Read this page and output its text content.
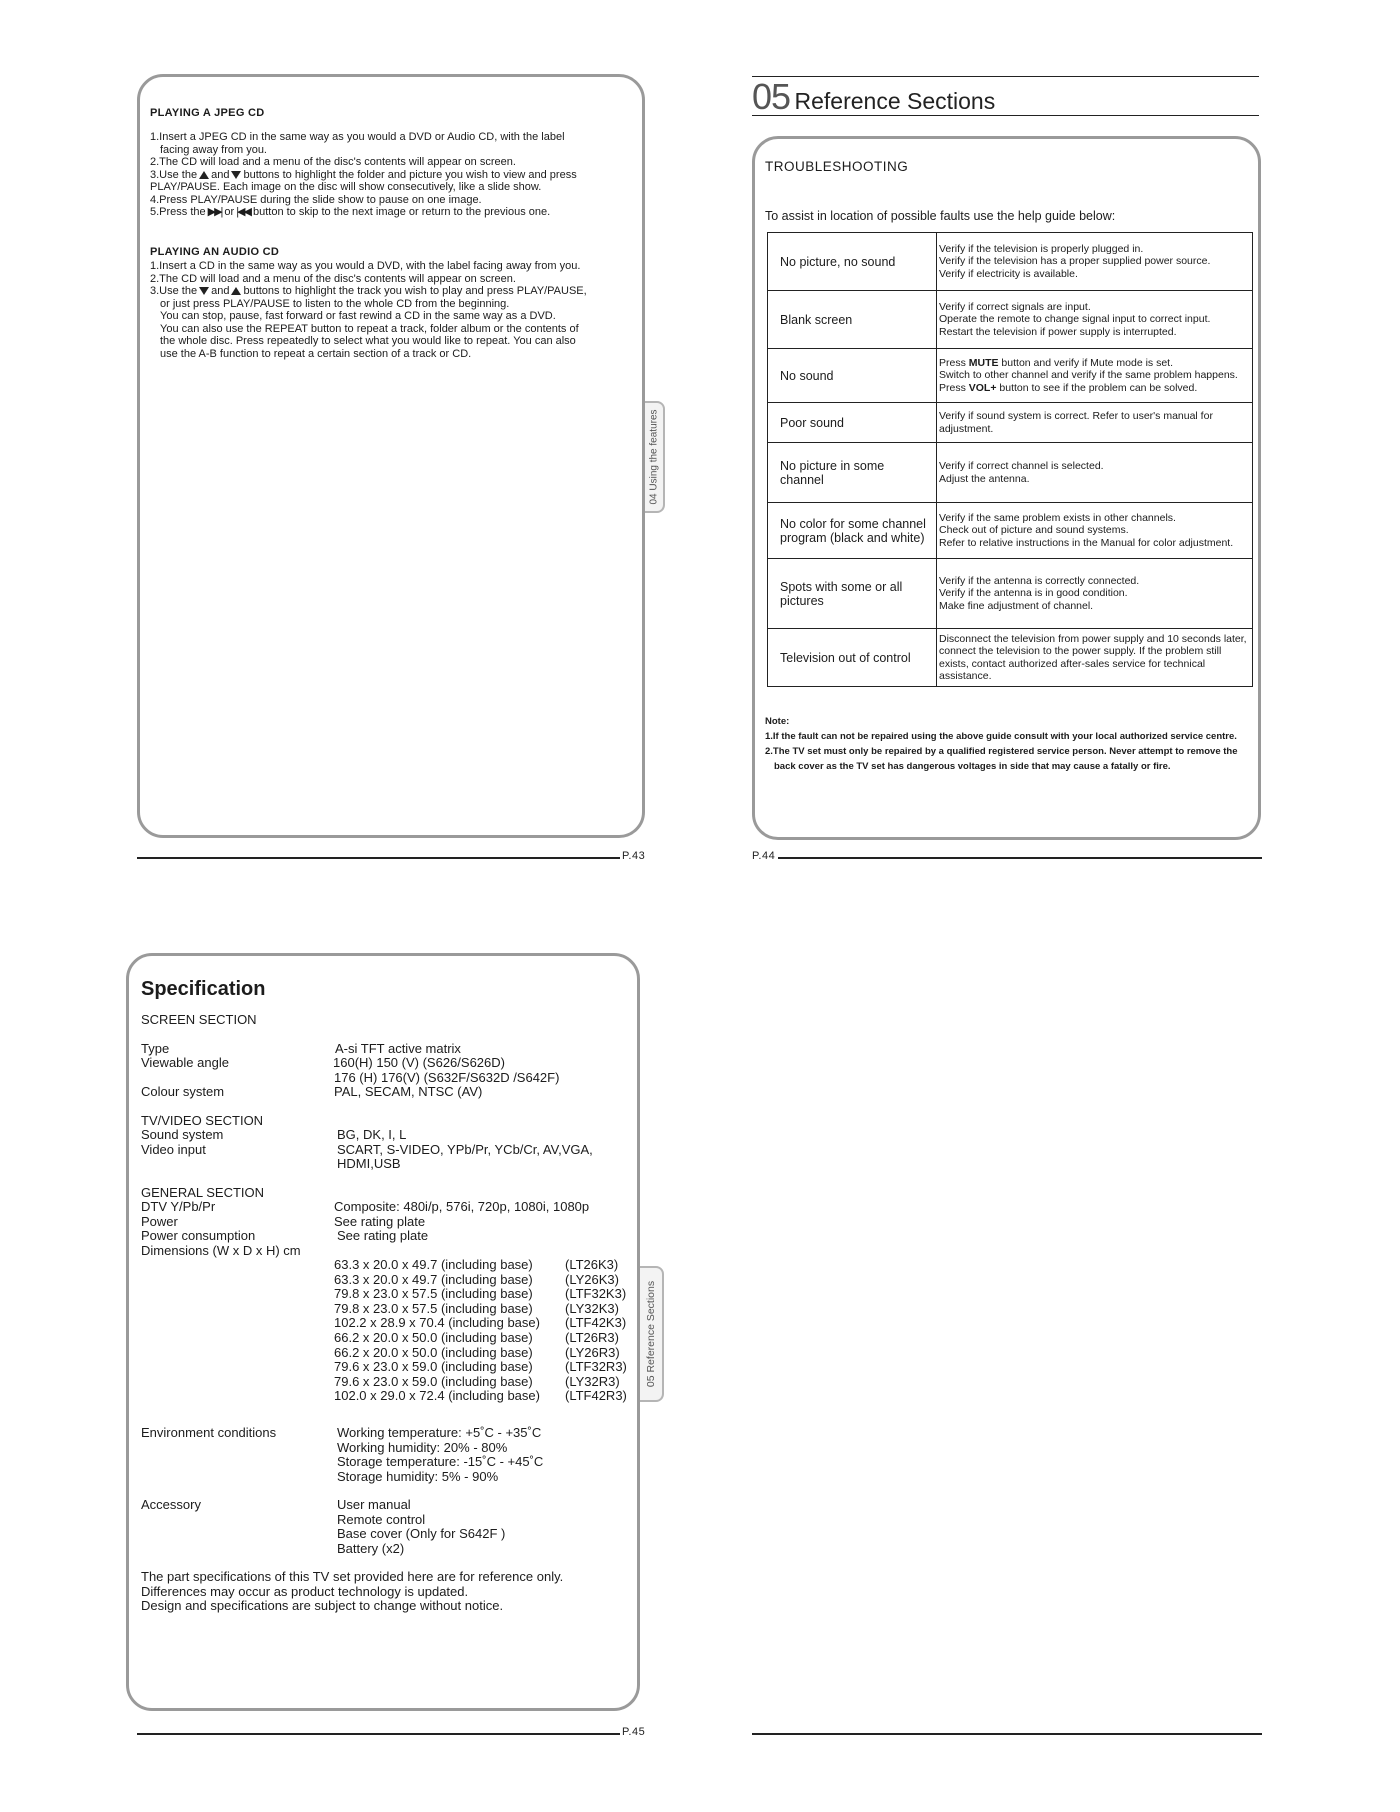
PLAYING A JPEG CD
1.Insert a JPEG CD in the same way as you would a DVD or Audio CD, with the label
facing away from you.
2.The CD will load and a menu of the disc's contents will appear on screen.
3.Use the and buttons to highlight the folder and picture you wish to view and press
PLAY/PAUSE. Each image on the disc will show consecutively, like a slide show.
4.Press PLAY/PAUSE during the slide show to pause on one image.
5.Press the ▶▶| or |◀◀ button to skip to the next image or return to the previous one.
PLAYING AN AUDIO CD
1.Insert a CD in the same way as you would a DVD, with the label facing away from you.
2.The CD will load and a menu of the disc's contents will appear on screen.
3.Use the and buttons to highlight the track you wish to play and press PLAY/PAUSE,
or just press PLAY/PAUSE to listen to the whole CD from the beginning.
You can stop, pause, fast forward or fast rewind a CD in the same way as a DVD.
You can also use the REPEAT button to repeat a track, folder album or the contents of
the whole disc. Press repeatedly to select what you would like to repeat. You can also
use the A-B function to repeat a certain section of a track or CD.
04 Using the features
P.43
05 Reference Sections
TROUBLESHOOTING
To assist in location of possible faults use the help guide below:
No picture, no sound	Verify if the television is properly plugged in.
Verify if the television has a proper supplied power source.
Verify if electricity is available.

Blank screen	Verify if correct signals are input.
Operate the remote to change signal input to correct input.
Restart the television if power supply is interrupted.

No sound	Press MUTE button and verify if Mute mode is set.
Switch to other channel and verify if the same problem happens.
Press VOL+ button to see if the problem can be solved.

Poor sound	Verify if sound system is correct. Refer to user's manual for adjustment.

No picture in some channel	Verify if correct channel is selected.
Adjust the antenna.

No color for some channel program (black and white)	Verify if the same problem exists in other channels.
Check out of picture and sound systems.
Refer to relative instructions in the Manual for color adjustment.

Spots with some or all pictures	Verify if the antenna is correctly connected.
Verify if the antenna is in good condition.
Make fine adjustment of channel.

Television out of control	Disconnect the television from power supply and 10 seconds later, connect the television to the power supply. If the problem still exists, contact authorized after-sales service for technical assistance.
Note:
1.If the fault can not be repaired using the above guide consult with your local authorized service centre.
2.The TV set must only be repaired by a qualified registered service person. Never attempt to remove the back cover as the TV set has dangerous voltages in side that may cause a fatally or fire.
P.44
Specification
SCREEN SECTION
Type	A-si TFT active matrix
Viewable angle	160(H) 150 (V) (S626/S626D)
176 (H) 176(V) (S632F/S632D /S642F)
Colour system	PAL, SECAM, NTSC (AV)
TV/VIDEO SECTION
Sound system	BG, DK, I, L
Video input	SCART, S-VIDEO, YPb/Pr, YCb/Cr, AV,VGA,
HDMI,USB
GENERAL SECTION
DTV Y/Pb/Pr	Composite: 480i/p, 576i, 720p, 1080i, 1080p
Power	See rating plate
Power consumption	See rating plate
Dimensions (W x D x H) cm
63.3 x 20.0 x 49.7 (including base) (LT26K3)
63.3 x 20.0 x 49.7 (including base) (LY26K3)
79.8 x 23.0 x 57.5 (including base) (LTF32K3)
79.8 x 23.0 x 57.5 (including base) (LY32K3)
102.2 x 28.9 x 70.4 (including base) (LTF42K3)
66.2 x 20.0 x 50.0 (including base) (LT26R3)
66.2 x 20.0 x 50.0 (including base) (LY26R3)
79.6 x 23.0 x 59.0 (including base) (LTF32R3)
79.6 x 23.0 x 59.0 (including base) (LY32R3)
102.0 x 29.0 x 72.4 (including base) (LTF42R3)
Environment conditions	Working temperature: +5˚C - +35˚C
Working humidity: 20% - 80%
Storage temperature: -15˚C - +45˚C
Storage humidity: 5% - 90%
Accessory	User manual
Remote control
Base cover (Only for S642F )
Battery (x2)
The part specifications of this TV set provided here are for reference only.
Differences may occur as product technology is updated.
Design and specifications are subject to change without notice.
05 Reference Sections
P.45
